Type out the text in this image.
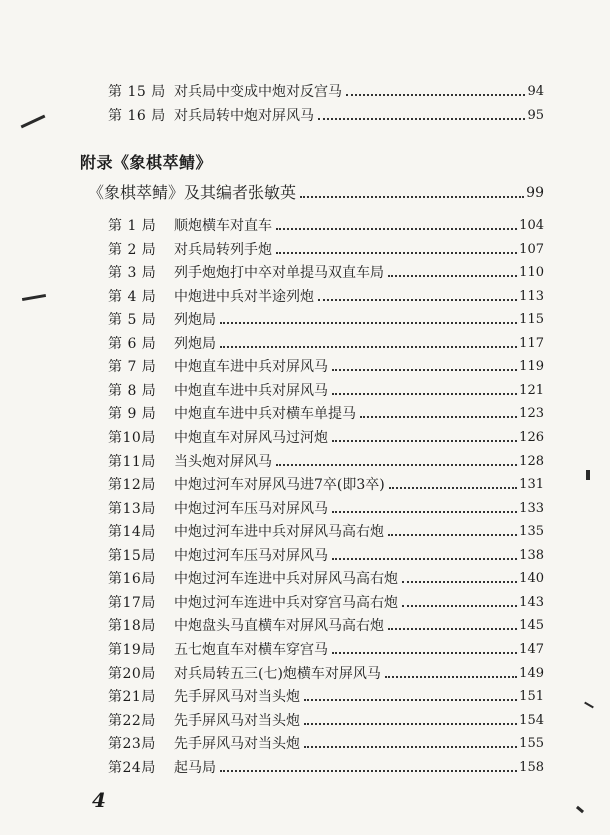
第 15 局 对兵局中变成中炮对反宫马	94
第 16 局 对兵局转中炮对屏风马	95
附录《象棋萃鲭》
《象棋萃鲭》及其编者张敏英	99
第 1 局	顺炮横车对直车	104
第 2 局	对兵局转列手炮	107
第 3 局	列手炮炮打中卒对单提马双直车局	110
第 4 局	中炮进中兵对半途列炮	113
第 5 局	列炮局	115
第 6 局	列炮局	117
第 7 局	中炮直车进中兵对屏风马	119
第 8 局	中炮直车进中兵对屏风马	121
第 9 局	中炮直车进中兵对横车单提马	123
第10局	中炮直车对屏风马过河炮	126
第11局	当头炮对屏风马	128
第12局	中炮过河车对屏风马进7卒(即3卒)	131
第13局	中炮过河车压马对屏风马	133
第14局	中炮过河车进中兵对屏风马高右炮	135
第15局	中炮过河车压马对屏风马	138
第16局	中炮过河车连进中兵对屏风马高右炮	140
第17局	中炮过河车连进中兵对穿宫马高右炮	143
第18局	中炮盘头马直横车对屏风马高右炮	145
第19局	五七炮直车对横车穿宫马	147
第20局	对兵局转五三(七)炮横车对屏风马	149
第21局	先手屏风马对当头炮	151
第22局	先手屏风马对当头炮	154
第23局	先手屏风马对当头炮	155
第24局	起马局	158
4
